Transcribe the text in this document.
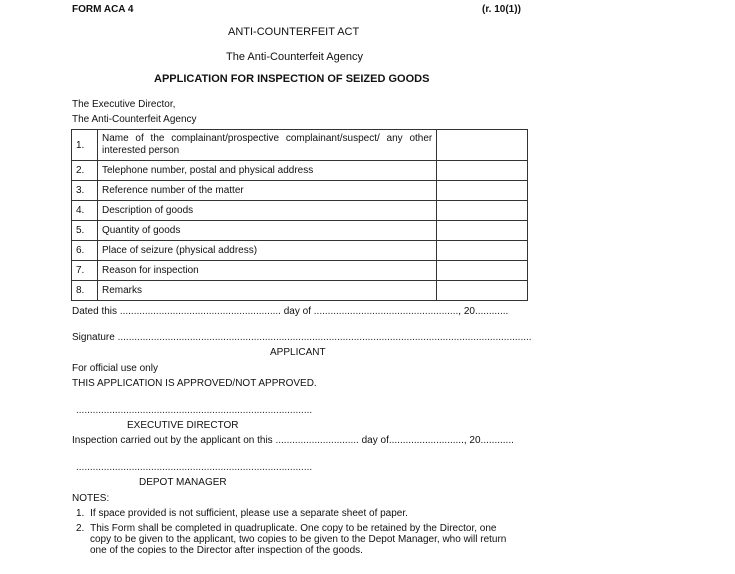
FORM ACA 4	(r. 10(1))
ANTI-COUNTERFEIT ACT
The Anti-Counterfeit Agency
APPLICATION FOR INSPECTION OF SEIZED GOODS
The Executive Director,
The Anti-Counterfeit Agency
1.	Name of the complainant/prospective complainant/suspect/ any other interested person	
2.	Telephone number, postal and physical address	
3.	Reference number of the matter	
4.	Description of goods	
5.	Quantity of goods	
6.	Place of seizure (physical address)	
7.	Reason for inspection	
8.	Remarks	
Dated this .......................................................... day of ...................................................., 20............
Signature .....................................................................................................................................................
APPLICANT
For official use only
THIS APPLICATION IS APPROVED/NOT APPROVED.
.....................................................................................
EXECUTIVE DIRECTOR
Inspection carried out by the applicant on this .............................. day of..........................., 20............
.....................................................................................
DEPOT MANAGER
NOTES:
1. If space provided is not sufficient, please use a separate sheet of paper.
2. This Form shall be completed in quadruplicate. One copy to be retained by the Director, one
copy to be given to the applicant, two copies to be given to the Depot Manager, who will return
one of the copies to the Director after inspection of the goods.
